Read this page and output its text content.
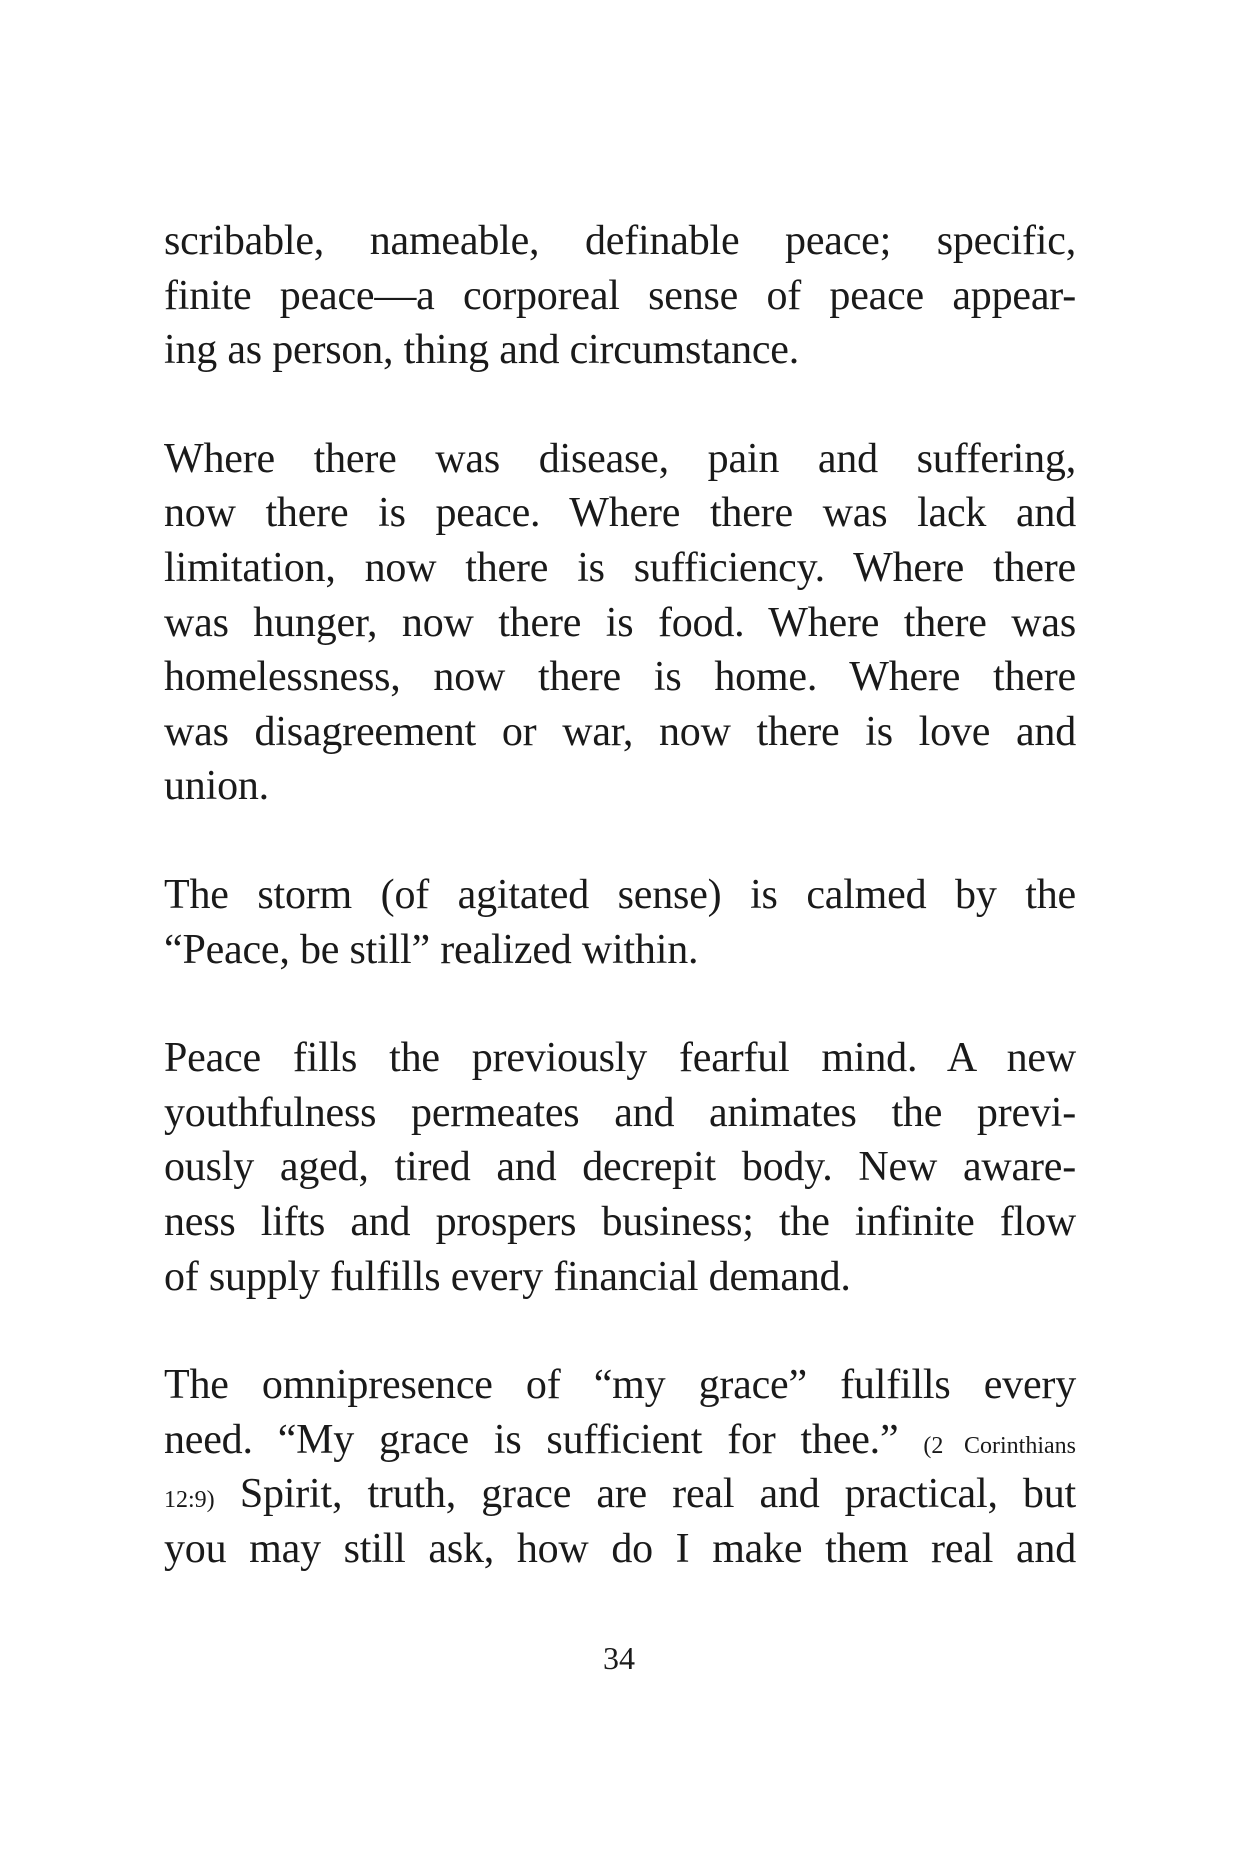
scribable, nameable, definable peace; specific,
finite peace—a corporeal sense of peace appear-
ing as person, thing and circumstance.

Where there was disease, pain and suffering,
now there is peace. Where there was lack and
limitation, now there is sufficiency. Where there
was hunger, now there is food. Where there was
homelessness, now there is home. Where there
was disagreement or war, now there is love and
union.

The storm (of agitated sense) is calmed by the
“Peace, be still” realized within.

Peace fills the previously fearful mind. A new
youthfulness permeates and animates the previ-
ously aged, tired and decrepit body. New aware-
ness lifts and prospers business; the infinite flow
of supply fulfills every financial demand.

The omnipresence of “my grace” fulfills every
need. “My grace is sufficient for thee.” (2 Corinthians
12:9) Spirit, truth, grace are real and practical, but
you may still ask, how do I make them real and

34
